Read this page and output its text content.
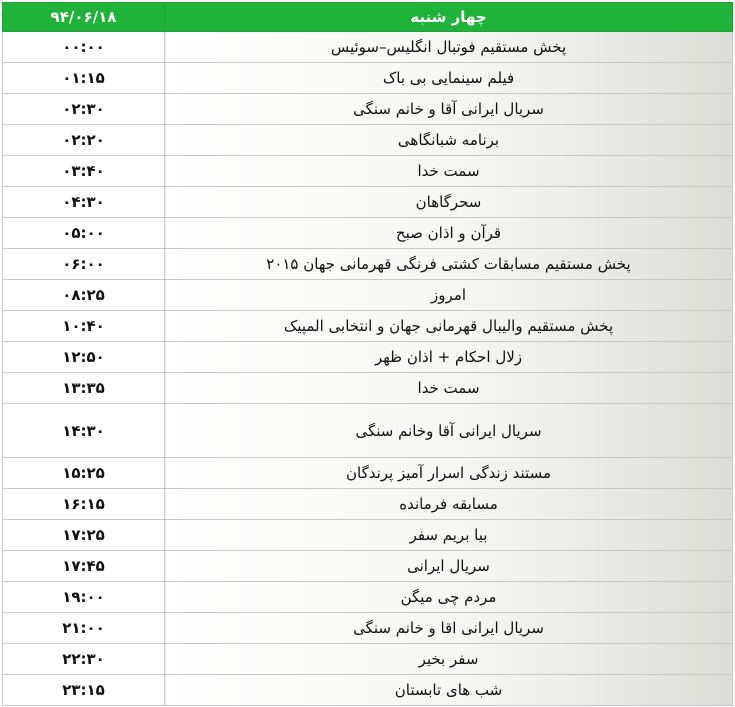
۹۴/۰۶/۱۸	چهار شنبه
۰۰:۰۰	پخش مستقیم فوتبال انگلیس–سوئیس
۰۱:۱۵	فیلم سینمایی بی باک
۰۲:۳۰	سریال ایرانی آقا و خانم سنگی
۰۲:۲۰	برنامه شبانگاهی
۰۳:۴۰	سمت خدا
۰۴:۳۰	سحرگاهان
۰۵:۰۰	قرآن و اذان صبح
۰۶:۰۰	پخش مستقیم مسابقات کشتی فرنگی قهرمانی جهان ۲۰۱۵
۰۸:۲۵	امروز
۱۰:۴۰	پخش مستقیم والیبال قهرمانی جهان و انتخابی المپیک
۱۲:۵۰	زلال احکام + اذان ظهر
۱۳:۳۵	سمت خدا
۱۴:۳۰	سریال ایرانی آقا وخانم سنگی
۱۵:۲۵	مستند زندگی اسرار آمیز پرندگان
۱۶:۱۵	مسابقه فرمانده
۱۷:۲۵	بیا بریم سفر
۱۷:۴۵	سریال ایرانی
۱۹:۰۰	مردم چی میگن
۲۱:۰۰	سریال ایرانی اقا و خانم سنگی
۲۲:۳۰	سفر بخیر
۲۳:۱۵	شب های تابستان
